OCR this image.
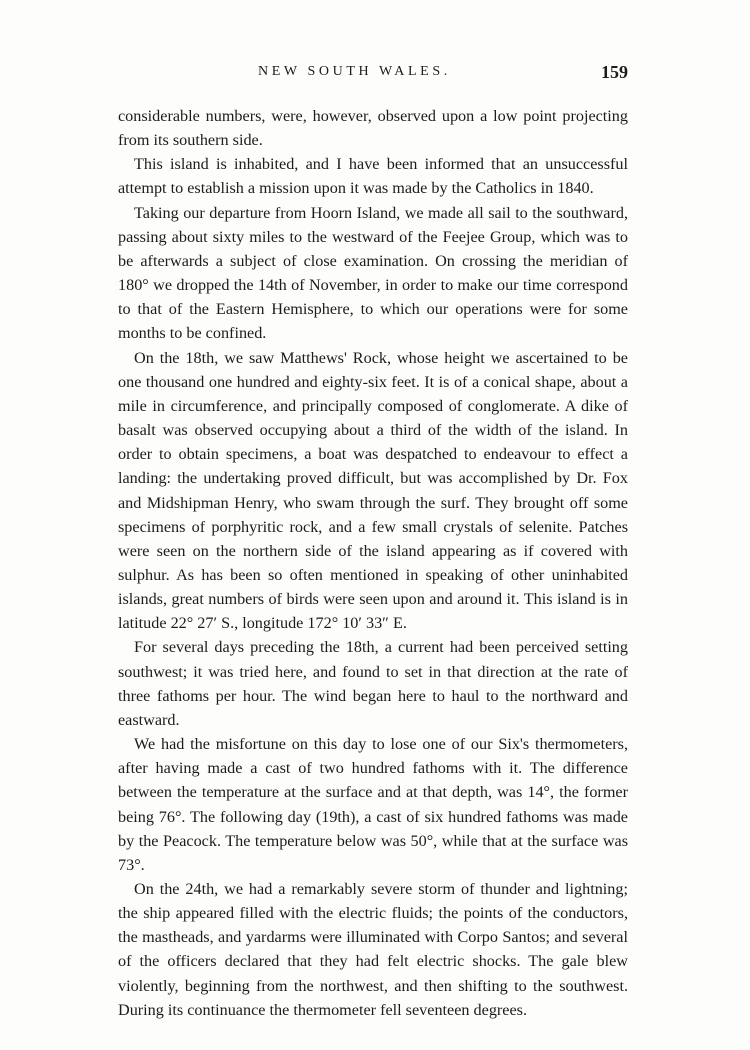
NEW SOUTH WALES.	159

considerable numbers, were, however, observed upon a low point projecting from its southern side.

This island is inhabited, and I have been informed that an unsuccessful attempt to establish a mission upon it was made by the Catholics in 1840.

Taking our departure from Hoorn Island, we made all sail to the southward, passing about sixty miles to the westward of the Feejee Group, which was to be afterwards a subject of close examination. On crossing the meridian of 180° we dropped the 14th of November, in order to make our time correspond to that of the Eastern Hemisphere, to which our operations were for some months to be confined.

On the 18th, we saw Matthews' Rock, whose height we ascertained to be one thousand one hundred and eighty-six feet. It is of a conical shape, about a mile in circumference, and principally composed of conglomerate. A dike of basalt was observed occupying about a third of the width of the island. In order to obtain specimens, a boat was despatched to endeavour to effect a landing: the undertaking proved difficult, but was accomplished by Dr. Fox and Midshipman Henry, who swam through the surf. They brought off some specimens of porphyritic rock, and a few small crystals of selenite. Patches were seen on the northern side of the island appearing as if covered with sulphur. As has been so often mentioned in speaking of other uninhabited islands, great numbers of birds were seen upon and around it. This island is in latitude 22° 27′ S., longitude 172° 10′ 33″ E.

For several days preceding the 18th, a current had been perceived setting southwest; it was tried here, and found to set in that direction at the rate of three fathoms per hour. The wind began here to haul to the northward and eastward.

We had the misfortune on this day to lose one of our Six's thermometers, after having made a cast of two hundred fathoms with it. The difference between the temperature at the surface and at that depth, was 14°, the former being 76°. The following day (19th), a cast of six hundred fathoms was made by the Peacock. The temperature below was 50°, while that at the surface was 73°.

On the 24th, we had a remarkably severe storm of thunder and lightning; the ship appeared filled with the electric fluids; the points of the conductors, the mastheads, and yardarms were illuminated with Corpo Santos; and several of the officers declared that they had felt electric shocks. The gale blew violently, beginning from the northwest, and then shifting to the southwest. During its continuance the thermometer fell seventeen degrees.
